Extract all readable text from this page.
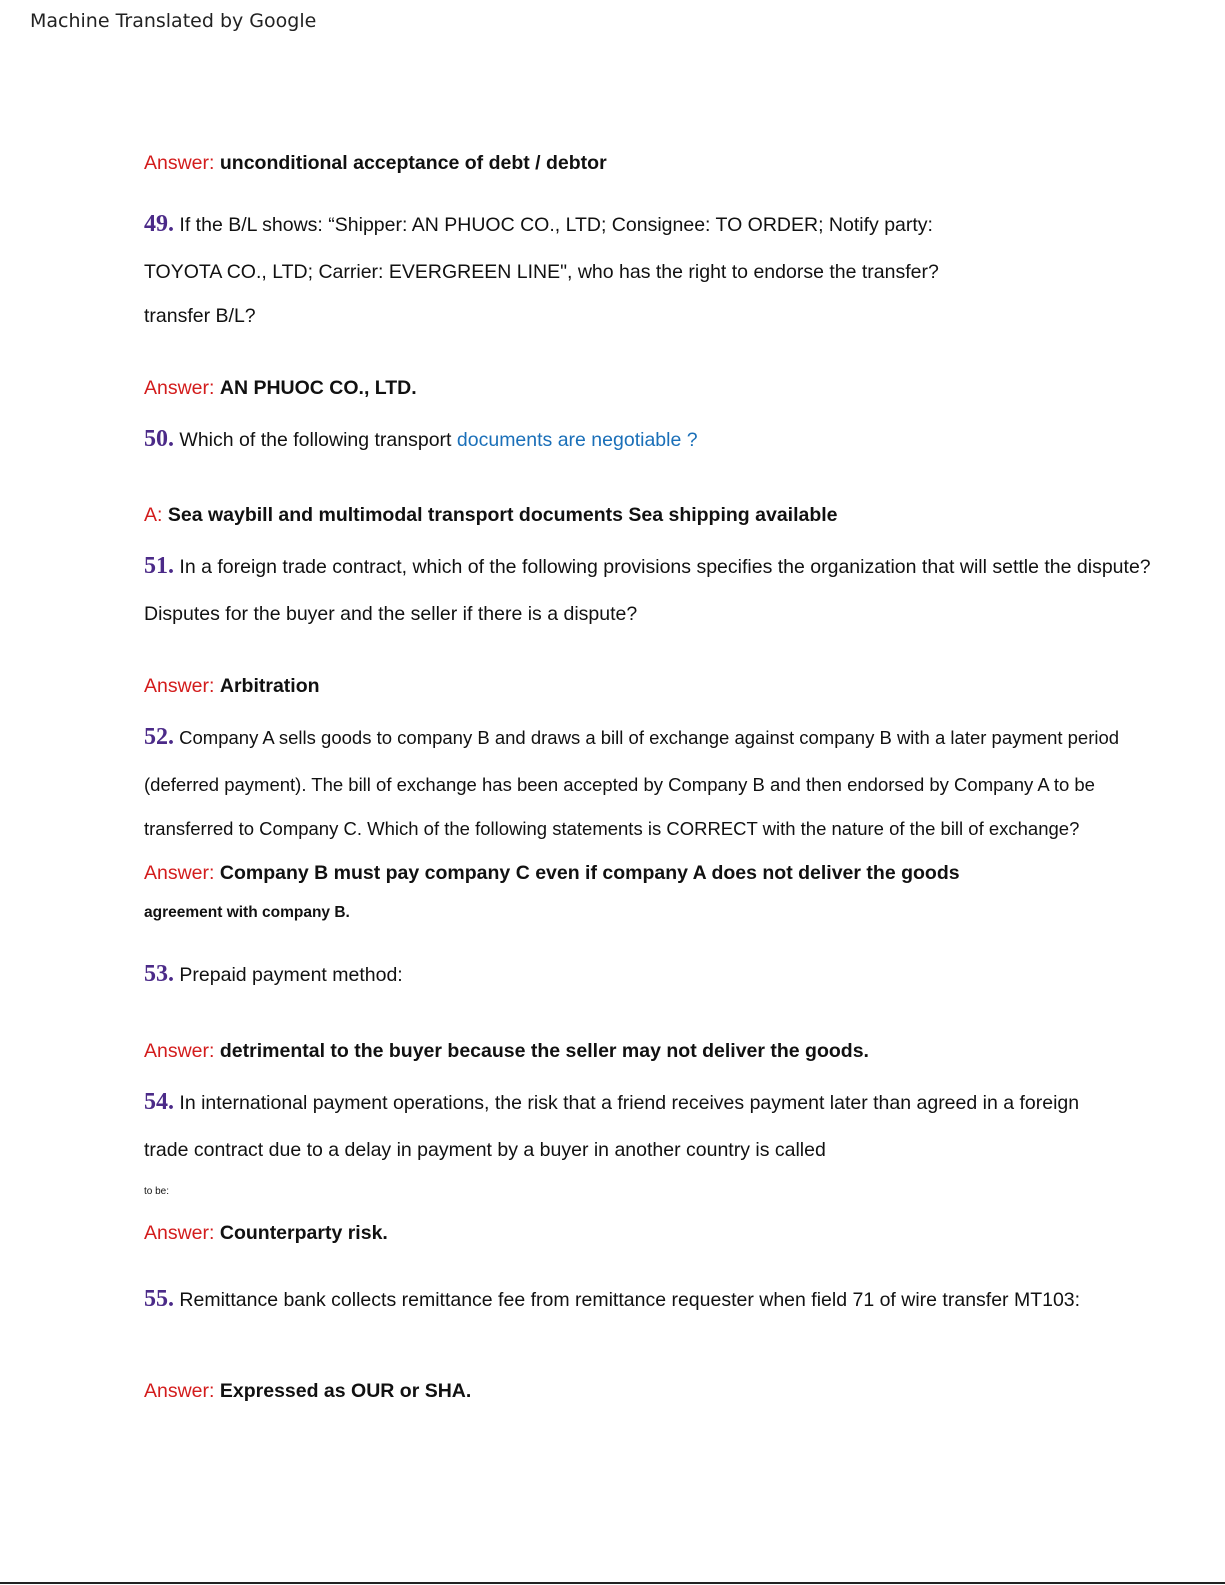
Machine Translated by Google
Answer: unconditional acceptance of debt / debtor
49. If the B/L shows: “Shipper: AN PHUOC CO., LTD; Consignee: TO ORDER; Notify party:
TOYOTA CO., LTD; Carrier: EVERGREEN LINE", who has the right to endorse the transfer?
transfer B/L?
Answer: AN PHUOC CO., LTD.
50. Which of the following transport documents are negotiable ?
A: Sea waybill and multimodal transport documents Sea shipping available
51. In a foreign trade contract, which of the following provisions specifies the organization that will settle the dispute?
Disputes for the buyer and the seller if there is a dispute?
Answer: Arbitration
52. Company A sells goods to company B and draws a bill of exchange against company B with a later payment period
(deferred payment). The bill of exchange has been accepted by Company B and then endorsed by Company A to be
transferred to Company C. Which of the following statements is CORRECT with the nature of the bill of exchange?
Answer: Company B must pay company C even if company A does not deliver the goods
agreement with company B.
53. Prepaid payment method:
Answer: detrimental to the buyer because the seller may not deliver the goods.
54. In international payment operations, the risk that a friend receives payment later than agreed in a foreign
trade contract due to a delay in payment by a buyer in another country is called
to be:
Answer: Counterparty risk.
55. Remittance bank collects remittance fee from remittance requester when field 71 of wire transfer MT103:
Answer: Expressed as OUR or SHA.
